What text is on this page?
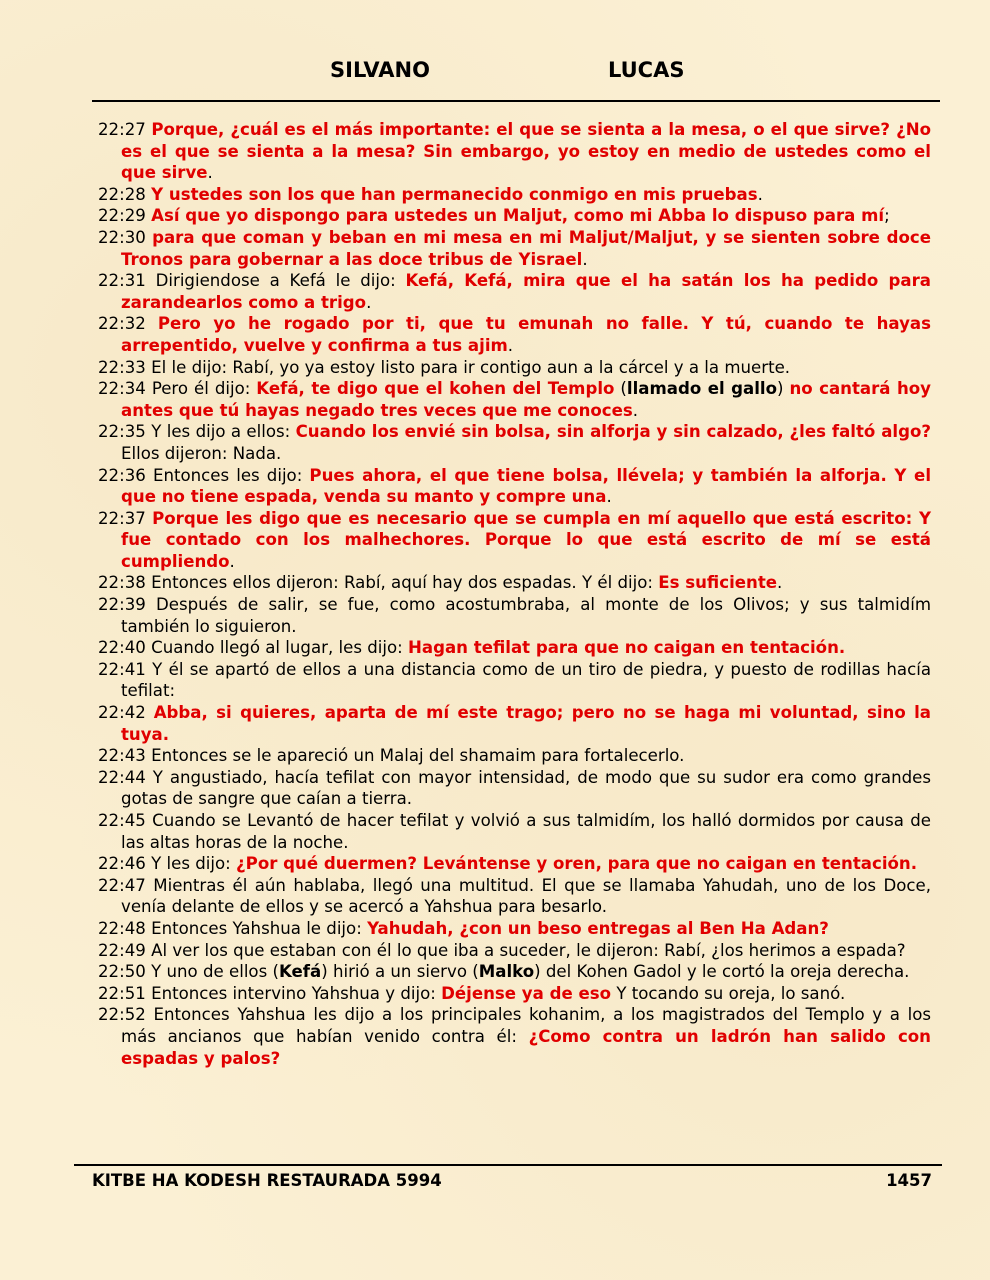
SILVANO	LUCAS

22:27 Porque, ¿cuál es el más importante: el que se sienta a la mesa, o el que sirve? ¿No es el que se sienta a la mesa? Sin embargo, yo estoy en medio de ustedes como el que sirve.

22:28 Y ustedes son los que han permanecido conmigo en mis pruebas.

22:29 Así que yo dispongo para ustedes un Maljut, como mi Abba lo dispuso para mí;

22:30 para que coman y beban en mi mesa en mi Maljut/Maljut, y se sienten sobre doce Tronos para gobernar a las doce tribus de Yisrael.

22:31 Dirigiendose a Kefá le dijo: Kefá, Kefá, mira que el ha satán los ha pedido para zarandearlos como a trigo.

22:32 Pero yo he rogado por ti, que tu emunah no falle. Y tú, cuando te hayas arrepentido, vuelve y confirma a tus ajim.

22:33 El le dijo: Rabí, yo ya estoy listo para ir contigo aun a la cárcel y a la muerte.

22:34 Pero él dijo: Kefá, te digo que el kohen del Templo (llamado el gallo) no cantará hoy antes que tú hayas negado tres veces que me conoces.

22:35 Y les dijo a ellos: Cuando los envié sin bolsa, sin alforja y sin calzado, ¿les faltó algo? Ellos dijeron: Nada.

22:36 Entonces les dijo: Pues ahora, el que tiene bolsa, llévela; y también la alforja. Y el que no tiene espada, venda su manto y compre una.

22:37 Porque les digo que es necesario que se cumpla en mí aquello que está escrito: Y fue contado con los malhechores. Porque lo que está escrito de mí se está cumpliendo.

22:38 Entonces ellos dijeron: Rabí, aquí hay dos espadas. Y él dijo: Es suficiente.

22:39 Después de salir, se fue, como acostumbraba, al monte de los Olivos; y sus talmidím también lo siguieron.

22:40 Cuando llegó al lugar, les dijo: Hagan tefilat para que no caigan en tentación.

22:41 Y él se apartó de ellos a una distancia como de un tiro de piedra, y puesto de rodillas hacía tefilat:

22:42 Abba, si quieres, aparta de mí este trago; pero no se haga mi voluntad, sino la tuya.

22:43 Entonces se le apareció un Malaj del shamaim para fortalecerlo.

22:44 Y angustiado, hacía tefilat con mayor intensidad, de modo que su sudor era como grandes gotas de sangre que caían a tierra.

22:45 Cuando se Levantó de hacer tefilat y volvió a sus talmidím, los halló dormidos por causa de las altas horas de la noche.

22:46 Y les dijo: ¿Por qué duermen? Levántense y oren, para que no caigan en tentación.

22:47 Mientras él aún hablaba, llegó una multitud. El que se llamaba Yahudah, uno de los Doce, venía delante de ellos y se acercó a Yahshua para besarlo.

22:48 Entonces Yahshua le dijo: Yahudah, ¿con un beso entregas al Ben Ha Adan?

22:49 Al ver los que estaban con él lo que iba a suceder, le dijeron: Rabí, ¿los herimos a espada?

22:50 Y uno de ellos (Kefá) hirió a un siervo (Malko) del Kohen Gadol y le cortó la oreja derecha.

22:51 Entonces intervino Yahshua y dijo: Déjense ya de eso Y tocando su oreja, lo sanó.

22:52 Entonces Yahshua les dijo a los principales kohanim, a los magistrados del Templo y a los más ancianos que habían venido contra él: ¿Como contra un ladrón han salido con espadas y palos?

KITBE HA KODESH RESTAURADA 5994	1457
